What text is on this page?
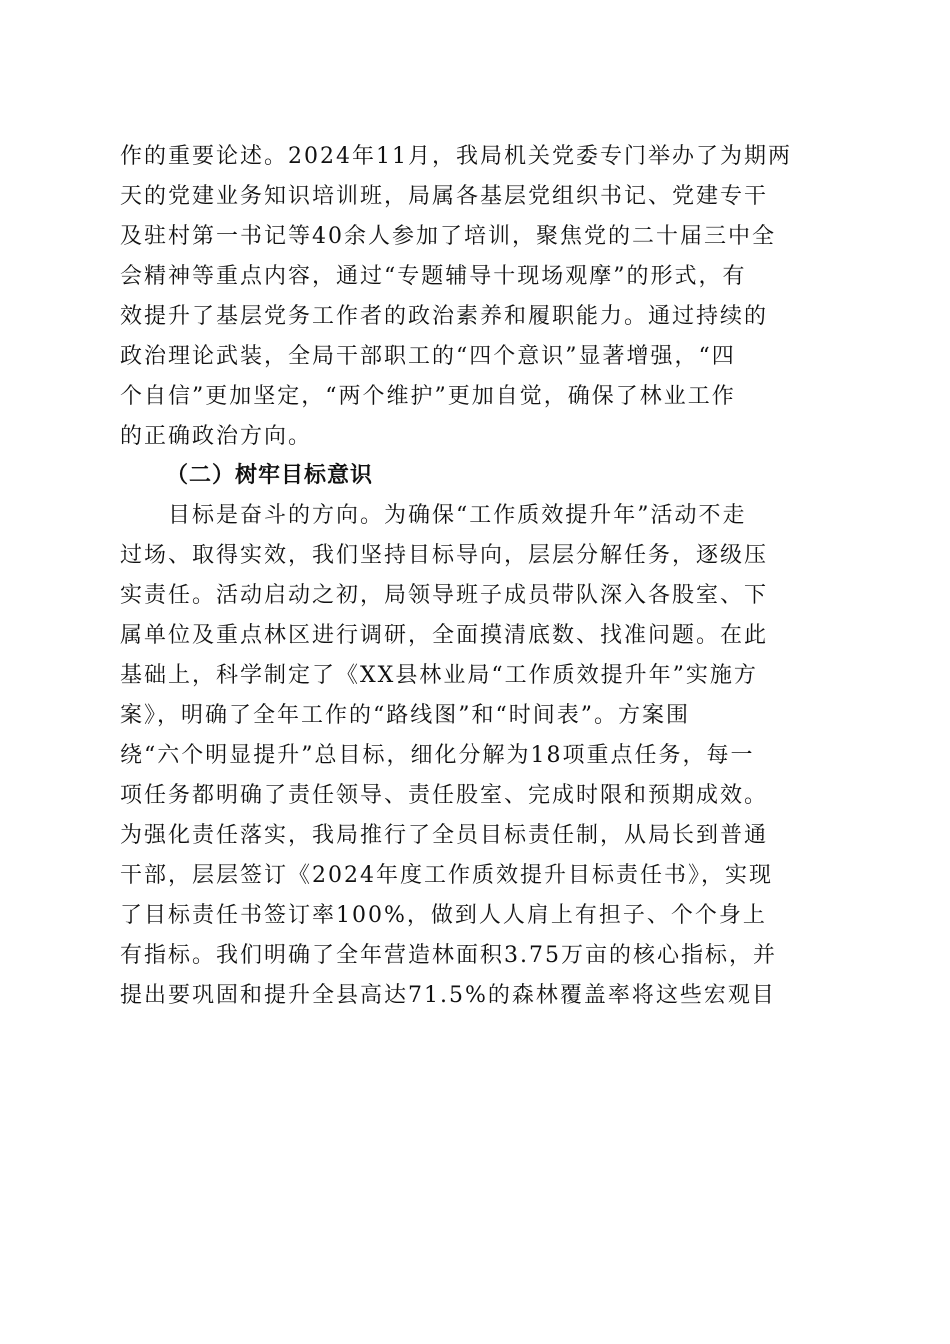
作的重要论述。2024年11月，我局机关党委专门举办了为期两
天的党建业务知识培训班，局属各基层党组织书记、党建专干
及驻村第一书记等40余人参加了培训，聚焦党的二十届三中全
会精神等重点内容，通过“专题辅导十现场观摩”的形式，有
效提升了基层党务工作者的政治素养和履职能力。通过持续的
政治理论武装，全局干部职工的“四个意识”显著增强，“四
个自信”更加坚定，“两个维护”更加自觉，确保了林业工作
的正确政治方向。
（二）树牢目标意识
目标是奋斗的方向。为确保“工作质效提升年”活动不走
过场、取得实效，我们坚持目标导向，层层分解任务，逐级压
实责任。活动启动之初，局领导班子成员带队深入各股室、下
属单位及重点林区进行调研，全面摸清底数、找准问题。在此
基础上，科学制定了《XX县林业局“工作质效提升年”实施方
案》，明确了全年工作的“路线图”和“时间表”。方案围
绕“六个明显提升”总目标，细化分解为18项重点任务，每一
项任务都明确了责任领导、责任股室、完成时限和预期成效。
为强化责任落实，我局推行了全员目标责任制，从局长到普通
干部，层层签订《2024年度工作质效提升目标责任书》，实现
了目标责任书签订率100%，做到人人肩上有担子、个个身上
有指标。我们明确了全年营造林面积3.75万亩的核心指标，并
提出要巩固和提升全县高达71.5%的森林覆盖率将这些宏观目
